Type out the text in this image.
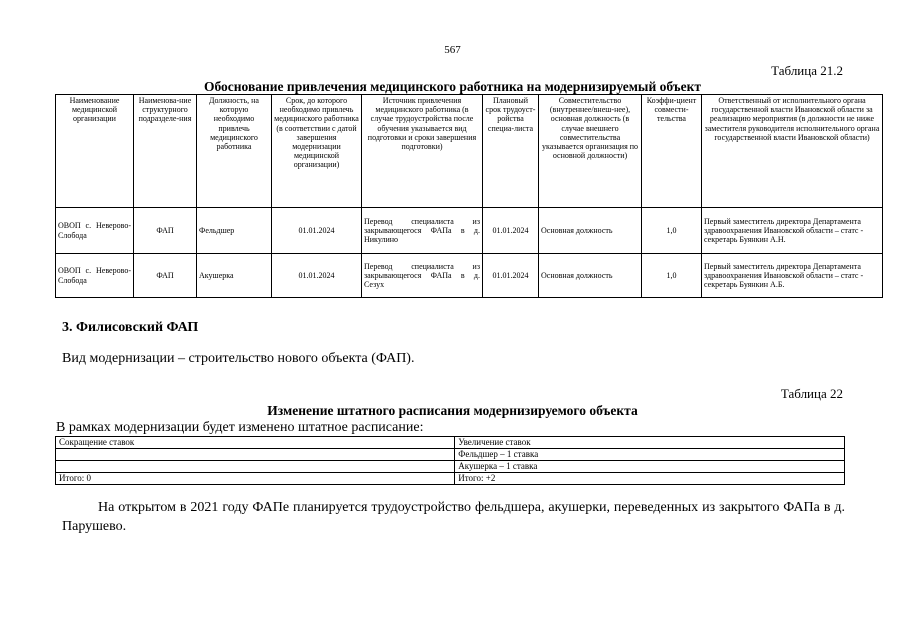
567
Таблица 21.2
Обоснование привлечения медицинского работника на модернизируемый объект
Наименование медицинской организации	Наименова-ние структурного подразделе-ния	Должность, на которую необходимо привлечь медицинского работника	Срок, до которого необходимо привлечь медицинского работника (в соответствии с датой завершения модернизации медицинской организации)	Источник привлечения медицинского работника (в случае трудоустройства после обучения указывается вид подготовки и сроки завершения подготовки)	Плановый срок трудоуст-ройства специа-листа	Совместительство (внутреннее/внеш-нее), основная должность (в случае внешнего совместительства указывается организация по основной должности)	Коэффи-циент совмести-тельства	Ответственный от исполнительного органа государственной власти Ивановской области за реализацию мероприятия (в должности не ниже заместителя руководителя исполнительного органа государственной власти Ивановской области)
ОВОП с. Неверово-Слобода	ФАП	Фельдшер	01.01.2024	Перевод специалиста из закрывающегося ФАПа в д. Никулино	01.01.2024	Основная должность	1,0	Первый заместитель директора Департамента здравоохранения Ивановской области – статс - секретарь Буянкин А.Н.
ОВОП с. Неверово-Слобода	ФАП	Акушерка	01.01.2024	Перевод специалиста из закрывающегося ФАПа в д. Сезух	01.01.2024	Основная должность	1,0	Первый заместитель директора Департамента здравоохранения Ивановской области – статс - секретарь Буянкин А.Б.
3. Филисовский ФАП
Вид модернизации – строительство нового объекта (ФАП).
Таблица 22
Изменение штатного расписания модернизируемого объекта
В рамках модернизации будет изменено штатное расписание:
Сокращение ставок	Увеличение ставок
	Фельдшер – 1 ставка
	Акушерка – 1 ставка
Итого: 0	Итого: +2
На открытом в 2021 году ФАПе планируется трудоустройство фельдшера, акушерки, переведенных из закрытого ФАПа в д. Парушево.
